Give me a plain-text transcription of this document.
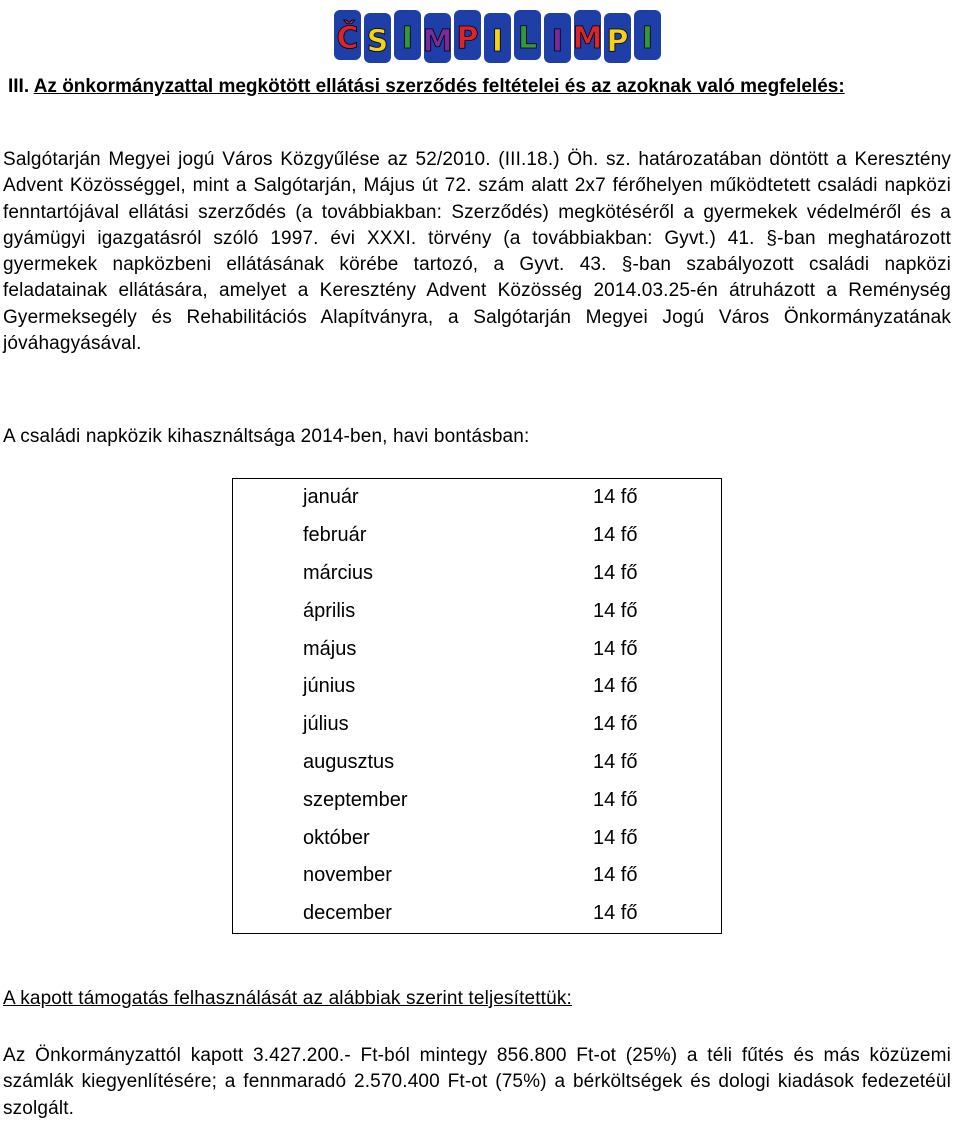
Č S I M P I L I M P I
III. Az önkormányzattal megkötött ellátási szerződés feltételei és az azoknak való megfelelés:
Salgótarján Megyei jogú Város Közgyűlése az 52/2010. (III.18.) Öh. sz. határozatában döntött a Keresztény Advent Közösséggel, mint a Salgótarján, Május út 72. szám alatt 2x7 férőhelyen működtetett családi napközi fenntartójával ellátási szerződés (a továbbiakban: Szerződés) megkötéséről a gyermekek védelméről és a gyámügyi igazgatásról szóló 1997. évi XXXI. törvény (a továbbiakban: Gyvt.) 41. §-ban meghatározott gyermekek napközbeni ellátásának körébe tartozó, a Gyvt. 43. §-ban szabályozott családi napközi feladatainak ellátására, amelyet a Keresztény Advent Közösség 2014.03.25-én átruházott a Reménység Gyermeksegély és Rehabilitációs Alapítványra, a Salgótarján Megyei Jogú Város Önkormányzatának jóváhagyásával.
A családi napközik kihasználtsága 2014-ben, havi bontásban:
január	14 fő
február	14 fő
március	14 fő
április	14 fő
május	14 fő
június	14 fő
július	14 fő
augusztus	14 fő
szeptember	14 fő
október	14 fő
november	14 fő
december	14 fő
A kapott támogatás felhasználását az alábbiak szerint teljesítettük:
Az Önkormányzattól kapott 3.427.200.- Ft-ból mintegy 856.800 Ft-ot (25%) a téli fűtés és más közüzemi számlák kiegyenlítésére; a fennmaradó 2.570.400 Ft-ot (75%) a bérköltségek és dologi kiadások fedezetéül szolgált.
